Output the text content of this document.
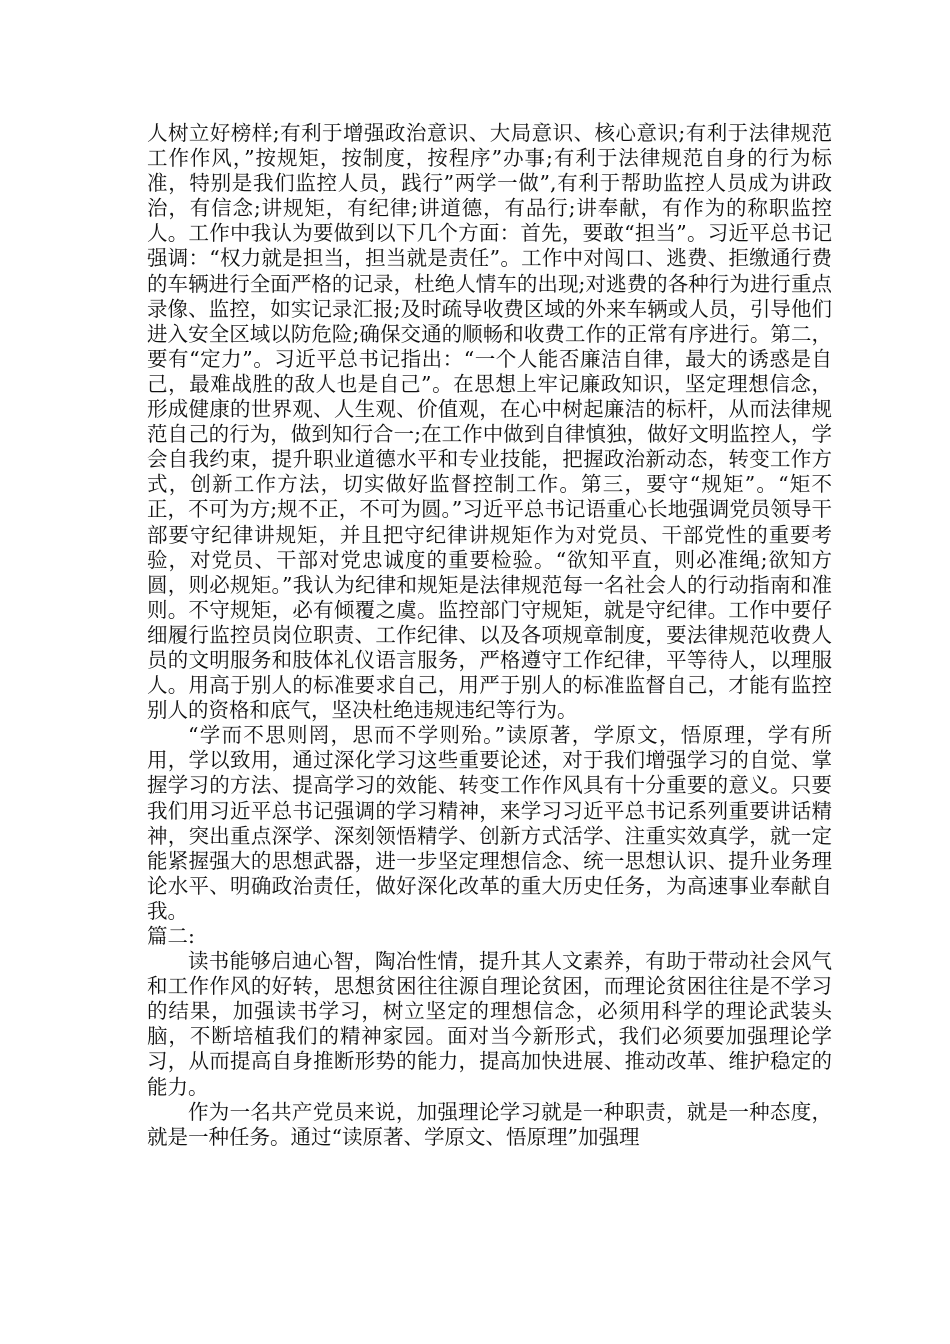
人树立好榜样;有利于增强政治意识、大局意识、核心意识;有利于法律规范工作作风，”按规矩，按制度，按程序”办事;有利于法律规范自身的行为标准，特别是我们监控人员，践行”两学一做”,有利于帮助监控人员成为讲政治，有信念;讲规矩，有纪律;讲道德，有品行;讲奉献，有作为的称职监控人。工作中我认为要做到以下几个方面：首先，要敢“担当”。习近平总书记强调：“权力就是担当，担当就是责任”。工作中对闯口、逃费、拒缴通行费的车辆进行全面严格的记录，杜绝人情车的出现;对逃费的各种行为进行重点录像、监控，如实记录汇报;及时疏导收费区域的外来车辆或人员，引导他们进入安全区域以防危险;确保交通的顺畅和收费工作的正常有序进行。第二，要有“定力”。习近平总书记指出：“一个人能否廉洁自律，最大的诱惑是自己，最难战胜的敌人也是自己”。在思想上牢记廉政知识，坚定理想信念，形成健康的世界观、人生观、价值观，在心中树起廉洁的标杆，从而法律规范自己的行为，做到知行合一;在工作中做到自律慎独，做好文明监控人，学会自我约束，提升职业道德水平和专业技能，把握政治新动态，转变工作方式，创新工作方法，切实做好监督控制工作。第三，要守“规矩”。“矩不正，不可为方;规不正，不可为圆。”习近平总书记语重心长地强调党员领导干部要守纪律讲规矩，并且把守纪律讲规矩作为对党员、干部党性的重要考验，对党员、干部对党忠诚度的重要检验。“欲知平直，则必准绳;欲知方圆，则必规矩。”我认为纪律和规矩是法律规范每一名社会人的行动指南和准则。不守规矩，必有倾覆之虞。监控部门守规矩，就是守纪律。工作中要仔细履行监控员岗位职责、工作纪律、以及各项规章制度，要法律规范收费人员的文明服务和肢体礼仪语言服务，严格遵守工作纪律，平等待人，以理服人。用高于别人的标准要求自己，用严于别人的标准监督自己，才能有监控别人的资格和底气，坚决杜绝违规违纪等行为。

“学而不思则罔，思而不学则殆。”读原著，学原文，悟原理，学有所用，学以致用，通过深化学习这些重要论述，对于我们增强学习的自觉、掌握学习的方法、提高学习的效能、转变工作作风具有十分重要的意义。只要我们用习近平总书记强调的学习精神，来学习习近平总书记系列重要讲话精神，突出重点深学、深刻领悟精学、创新方式活学、注重实效真学，就一定能紧握强大的思想武器，进一步坚定理想信念、统一思想认识、提升业务理论水平、明确政治责任，做好深化改革的重大历史任务，为高速事业奉献自我。

篇二:

读书能够启迪心智，陶冶性情，提升其人文素养，有助于带动社会风气和工作作风的好转，思想贫困往往源自理论贫困，而理论贫困往往是不学习的结果，加强读书学习，树立坚定的理想信念，必须用科学的理论武装头脑，不断培植我们的精神家园。面对当今新形式，我们必须要加强理论学习，从而提高自身推断形势的能力，提高加快进展、推动改革、维护稳定的能力。

作为一名共产党员来说，加强理论学习就是一种职责，就是一种态度，就是一种任务。通过“读原著、学原文、悟原理”加强理
